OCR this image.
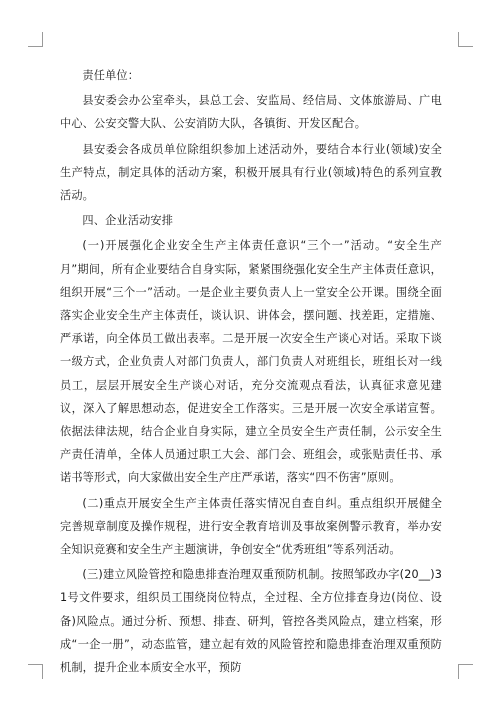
责任单位：

县安委会办公室牵头，县总工会、安监局、经信局、文体旅游局、广电中心、公安交警大队、公安消防大队，各镇街、开发区配合。

县安委会各成员单位除组织参加上述活动外，要结合本行业(领域)安全生产特点，制定具体的活动方案，积极开展具有行业(领域)特色的系列宣教活动。

四、企业活动安排

(一)开展强化企业安全生产主体责任意识“三个一”活动。“安全生产月”期间，所有企业要结合自身实际，紧紧围绕强化安全生产主体责任意识，组织开展“三个一”活动。一是企业主要负责人上一堂安全公开课。围绕全面落实企业安全生产主体责任，谈认识、讲体会，摆问题、找差距，定措施、严承诺，向全体员工做出表率。二是开展一次安全生产谈心对话。采取下谈一级方式，企业负责人对部门负责人，部门负责人对班组长，班组长对一线员工，层层开展安全生产谈心对话，充分交流观点看法，认真征求意见建议，深入了解思想动态，促进安全工作落实。三是开展一次安全承诺宣誓。依据法律法规，结合企业自身实际，建立全员安全生产责任制，公示安全生产责任清单，全体人员通过职工大会、部门会、班组会，或张贴责任书、承诺书等形式，向大家做出安全生产庄严承诺，落实“四不伤害”原则。

(二)重点开展安全生产主体责任落实情况自查自纠。重点组织开展健全完善规章制度及操作规程，进行安全教育培训及事故案例警示教育，举办安全知识竞赛和安全生产主题演讲，争创安全“优秀班组”等系列活动。

(三)建立风险管控和隐患排查治理双重预防机制。按照邹政办字(20__)31号文件要求，组织员工围绕岗位特点，全过程、全方位排查身边(岗位、设备)风险点。通过分析、预想、排查、研判，管控各类风险点，建立档案，形成“一企一册”，动态监管，建立起有效的风险管控和隐患排查治理双重预防机制，提升企业本质安全水平，预防
